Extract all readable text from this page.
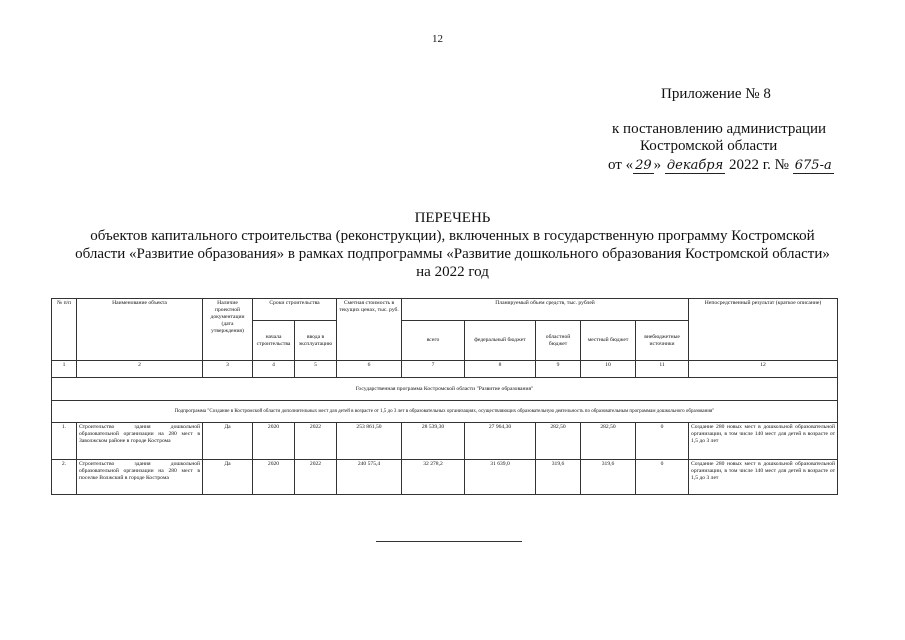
12
Приложение № 8
к постановлению администрации
Костромской области
от « 29 » декабря 2022 г. № 675-а
ПЕРЕЧЕНЬ
объектов капитального строительства (реконструкции), включенных в государственную программу Костромской
области «Развитие образования» в рамках подпрограммы «Развитие дошкольного образования Костромской области»
на 2022 год
№ п/п	Наименование объекта	Наличие проектной документации (дата утверждения)	Сроки строительства		Сметная стоимость в текущих ценах, тыс. руб.	Планируемый объем средств, тыс. рублей					Непосредственный результат (краткое описание)
			начала строительства	ввода в эксплуатацию		всего	федеральный бюджет	областной бюджет	местный бюджет	внебюджетные источники	
1	2	3	4	5	6	7	8	9	10	11	12
Государственная программа Костромской области "Развитие образования"											
Подпрограмма "Создание в Костромской области дополнительных мест для детей в возрасте от 1,5 до 3 лет в образовательных организациях, осуществляющих образовательную деятельность по образовательным программам дошкольного образования"											
1.	Строительство здания дошкольной образовательной организации на 280 мест в Заволжском районе в городе Кострома	Да	2020	2022	253 861,50	28 539,30	27 964,30	282,50	282,50	0	Создание 280 новых мест в дошкольной образовательной организации, в том числе 140 мест для детей в возрасте от 1,5 до 3 лет
2.	Строительство здания дошкольной образовательной организации на 280 мест в поселке Волжский в городе Кострома	Да	2020	2022	240 575,4	32 278,2	31 639,0	319,6	319,6	0	Создание 280 новых мест в дошкольной образовательной организации, в том числе 140 мест для детей в возрасте от 1,5 до 3 лет
